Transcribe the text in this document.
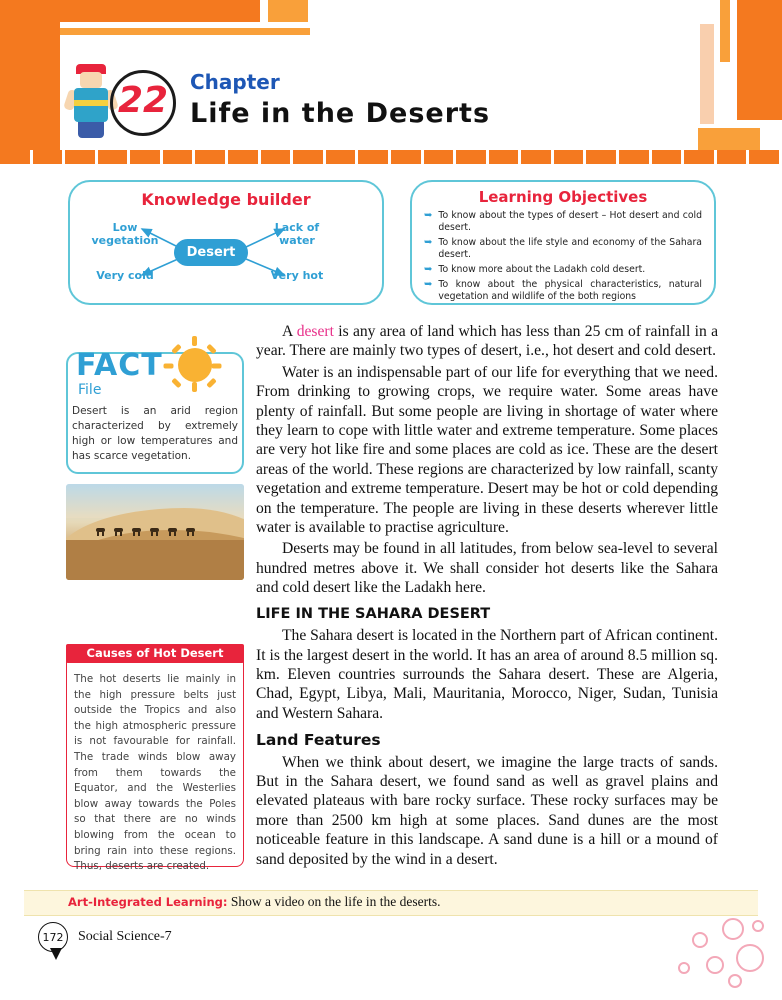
22	Chapter
Life in the Deserts
Knowledge builder
Low vegetation
Lack of water
Very cold	Very hot
Desert
Learning Objectives
➥ To know about the types of desert – Hot desert and cold desert.
➥ To know about the life style and economy of the Sahara desert.
➥ To know more about the Ladakh cold desert.
➥ To know about the physical characteristics, natural vegetation and wildlife of the both regions
FACT
File
Desert is an arid region characterized by extremely high or low temperatures and has scarce vegetation.
Causes of Hot Desert
The hot deserts lie mainly in the high pressure belts just outside the Tropics and also the high atmospheric pressure is not favourable for rainfall. The trade winds blow away from them towards the Equator, and the Westerlies blow away towards the Poles so that there are no winds blowing from the ocean to bring rain into these regions. Thus, deserts are created.

A desert is any area of land which has less than 25 cm of rainfall in a year. There are mainly two types of desert, i.e., hot desert and cold desert.

Water is an indispensable part of our life for everything that we need. From drinking to growing crops, we require water. Some areas have plenty of rainfall. But some people are living in shortage of water where they learn to cope with little water and extreme temperature. Some places are very hot like fire and some places are cold as ice. These are the desert areas of the world. These regions are characterized by low rainfall, scanty vegetation and extreme temperature. Desert may be hot or cold depending on the temperature. The people are living in these deserts wherever little water is available to practise agriculture.

Deserts may be found in all latitudes, from below sea-level to several hundred metres above it. We shall consider hot deserts like the Sahara and cold desert like the Ladakh here.

LIFE IN THE SAHARA DESERT

The Sahara desert is located in the Northern part of African continent. It is the largest desert in the world. It has an area of around 8.5 million sq. km. Eleven countries surrounds the Sahara desert. These are Algeria, Chad, Egypt, Libya, Mali, Mauritania, Morocco, Niger, Sudan, Tunisia and Western Sahara.

Land Features

When we think about desert, we imagine the large tracts of sands. But in the Sahara desert, we found sand as well as gravel plains and elevated plateaus with bare rocky surface. These rocky surfaces may be more than 2500 km high at some places. Sand dunes are the most noticeable feature in this landscape. A sand dune is a hill or a mound of sand deposited by the wind in a desert.

Art-Integrated Learning: Show a video on the life in the deserts.
172	Social Science-7
